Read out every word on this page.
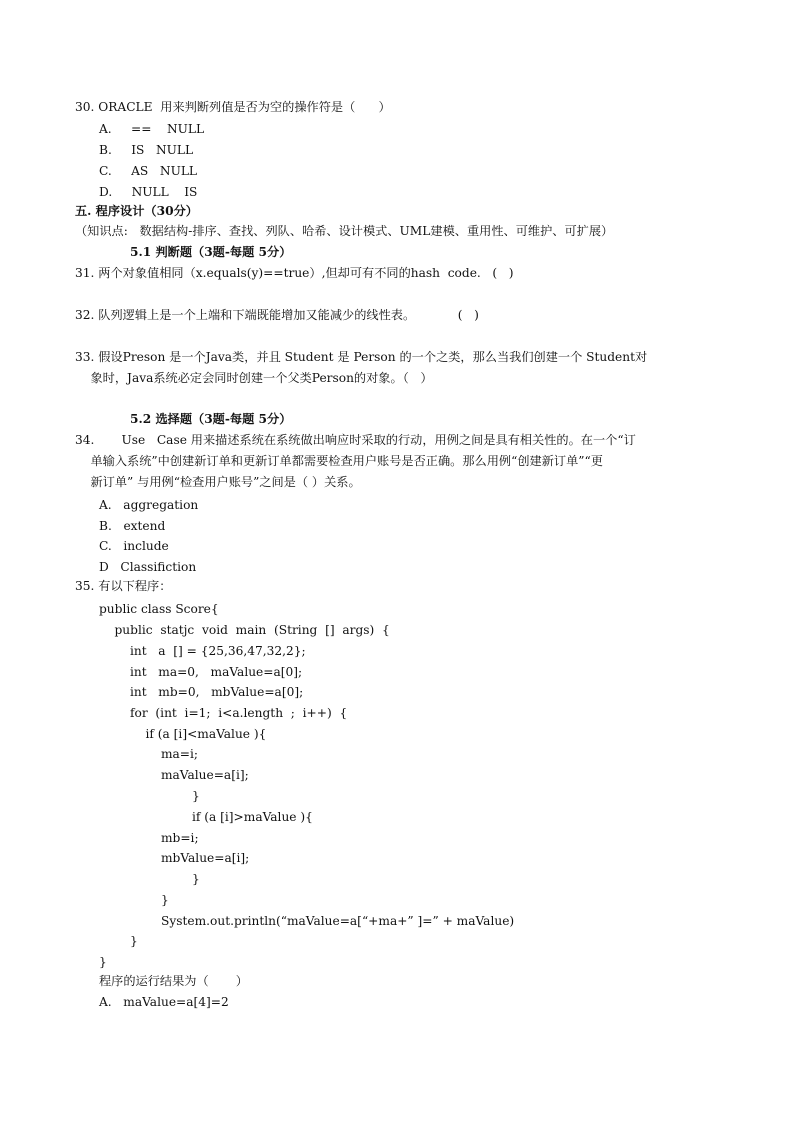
30. ORACLE  用来判断列值是否为空的操作符是（      ）
A.     ==    NULL
B.     IS   NULL
C.     AS   NULL
D.     NULL    IS
五. 程序设计（30分）
（知识点:   数据结构-排序、查找、列队、哈希、设计模式、UML建模、重用性、可维护、可扩展）
5.1 判断题（3题-每题 5分）
31. 两个对象值相同（x.equals(y)==true）,但却可有不同的hash  code.   (   )
32. 队列逻辑上是一个上端和下端既能增加又能减少的线性表。           (   )
33. 假设Preson 是一个Java类，并且 Student 是 Person 的一个之类，那么当我们创建一个 Student对
象时，Java系统必定会同时创建一个父类Person的对象。（   ）
5.2 选择题（3题-每题 5分）
34.       Use   Case 用来描述系统在系统做出响应时采取的行动，用例之间是具有相关性的。在一个“订
单输入系统”中创建新订单和更新订单都需要检查用户账号是否正确。那么用例“创建新订单”“更
新订单” 与用例“检查用户账号”之间是（ ）关系。
A.   aggregation
B.   extend
C.   include
D   Classifiction
35. 有以下程序：
public class Score{
public  statjc  void  main  (String  []  args)  {
int   a  [] = {25,36,47,32,2};
int   ma=0,   maValue=a[0];
int   mb=0,   mbValue=a[0];
for  (int  i=1;  i<a.length  ;  i++)  {
if (a [i]<maValue ){
ma=i;
maValue=a[i];
}
if (a [i]>maValue ){
mb=i;
mbValue=a[i];
}
}
System.out.println(“maValue=a[“+ma+” ]=” + maValue)
}
}
程序的运行结果为（       ）
A.   maValue=a[4]=2
